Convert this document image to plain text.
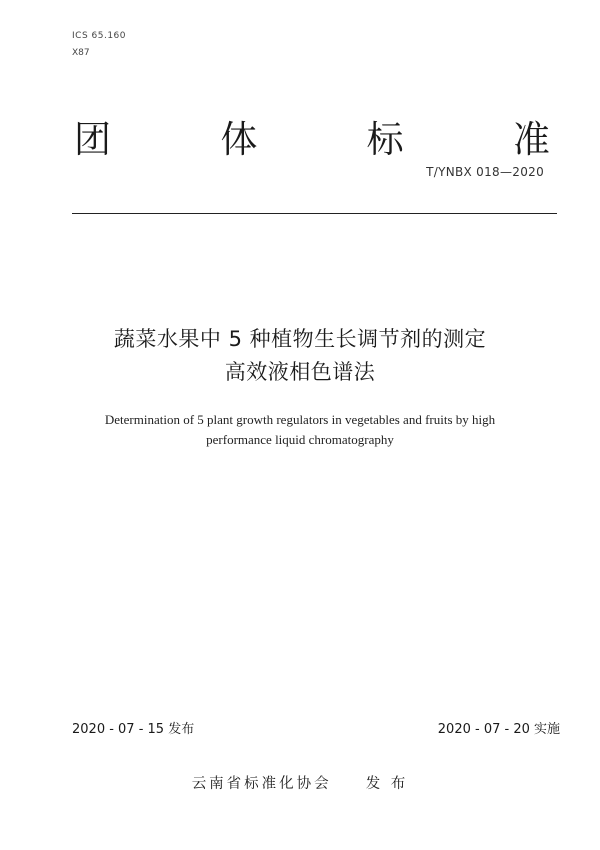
ICS 65.160
X87
团	体	标	准
T/YNBX 018—2020
蔬菜水果中 5 种植物生长调节剂的测定
高效液相色谱法
Determination of 5 plant growth regulators in vegetables and fruits by high
performance liquid chromatography
2020 - 07 - 15 发布	2020 - 07 - 20 实施
云南省标准化协会 发 布
